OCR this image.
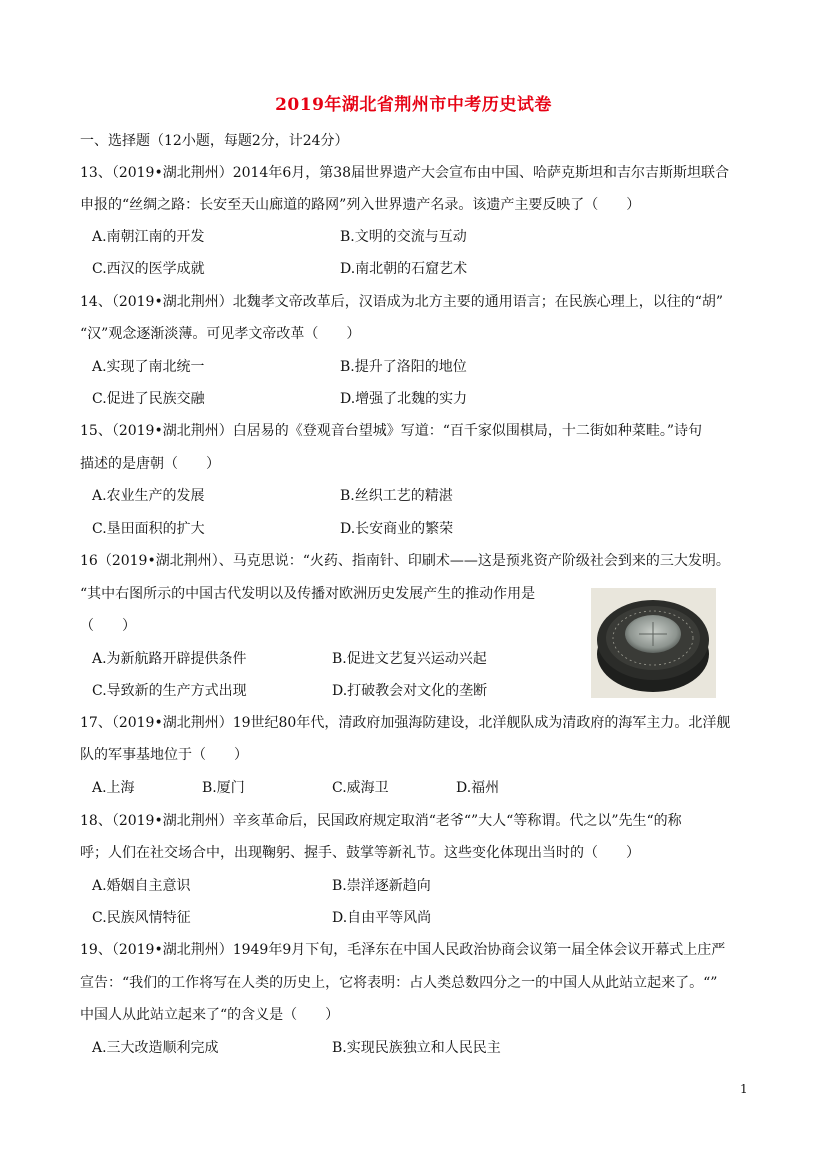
2019年湖北省荆州市中考历史试卷
一、选择题（12小题，每题2分，计24分）
13、（2019•湖北荆州）2014年6月，第38届世界遗产大会宣布由中国、哈萨克斯坦和吉尔吉斯斯坦联合
申报的“丝绸之路：长安至天山廊道的路网”列入世界遗产名录。该遗产主要反映了（　　）
A.南朝江南的开发	B.文明的交流与互动
C.西汉的医学成就	D.南北朝的石窟艺术
14、（2019•湖北荆州）北魏孝文帝改革后，汉语成为北方主要的通用语言；在民族心理上，以往的“胡”
“汉”观念逐渐淡薄。可见孝文帝改革（　　）
A.实现了南北统一	B.提升了洛阳的地位
C.促进了民族交融	D.增强了北魏的实力
15、（2019•湖北荆州）白居易的《登观音台望城》写道：“百千家似围棋局，十二街如种菜畦。”诗句
描述的是唐朝（　　）
A.农业生产的发展	B.丝织工艺的精湛
C.垦田面积的扩大	D.长安商业的繁荣
16（2019•湖北荆州）、马克思说：“火药、指南针、印刷术——这是预兆资产阶级社会到来的三大发明。
“其中右图所示的中国古代发明以及传播对欧洲历史发展产生的推动作用是
（　　）
A.为新航路开辟提供条件	B.促进文艺复兴运动兴起
C.导致新的生产方式出现	D.打破教会对文化的垄断
17、（2019•湖北荆州）19世纪80年代，清政府加强海防建设，北洋舰队成为清政府的海军主力。北洋舰
队的军事基地位于（　　）
A.上海	B.厦门	C.威海卫	D.福州
18、（2019•湖北荆州）辛亥革命后，民国政府规定取消“老爷“”大人“等称谓。代之以”先生“的称
呼；人们在社交场合中，出现鞠躬、握手、鼓掌等新礼节。这些变化体现出当时的（　　）
A.婚姻自主意识	B.崇洋逐新趋向
C.民族风情特征	D.自由平等风尚
19、（2019•湖北荆州）1949年9月下旬，毛泽东在中国人民政治协商会议第一届全体会议开幕式上庄严
宣告：“我们的工作将写在人类的历史上，它将表明：占人类总数四分之一的中国人从此站立起来了。“”
中国人从此站立起来了“的含义是（　　）
A.三大改造顺利完成	B.实现民族独立和人民民主
1
